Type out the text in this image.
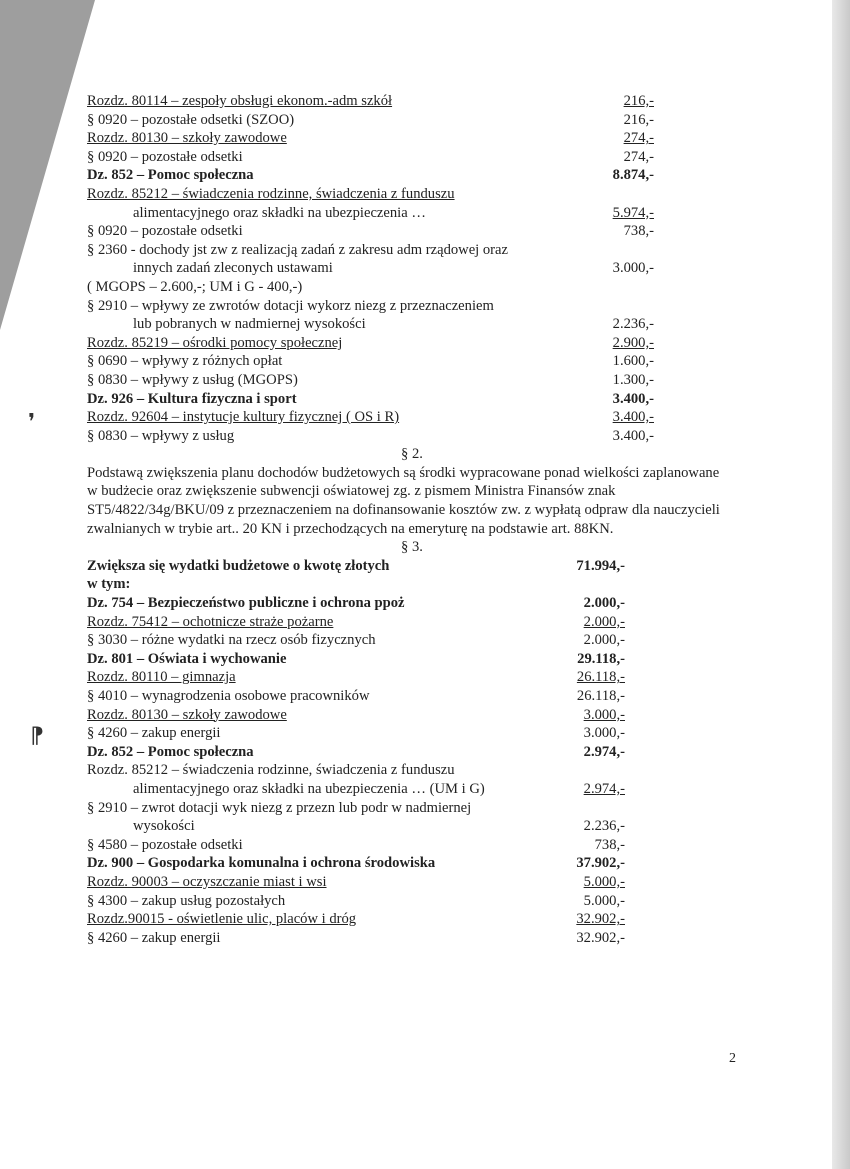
❜
⁋
Rozdz. 80114 – zespoły obsługi ekonom.-adm szkół	216,-
§ 0920 – pozostałe odsetki (SZOO)	216,-
Rozdz. 80130 – szkoły zawodowe	274,-
§ 0920 – pozostałe odsetki	274,-
Dz. 852 – Pomoc społeczna	8.874,-
Rozdz. 85212 – świadczenia rodzinne, świadczenia z funduszu
alimentacyjnego oraz składki na ubezpieczenia …	5.974,-
§ 0920 – pozostałe odsetki	738,-
§ 2360 - dochody jst zw z realizacją zadań z zakresu adm rządowej oraz
innych zadań zleconych ustawami	3.000,-
( MGOPS – 2.600,-; UM i G - 400,-)
§ 2910 – wpływy ze zwrotów dotacji wykorz niezg z przeznaczeniem
lub pobranych w nadmiernej wysokości	2.236,-
Rozdz. 85219 – ośrodki pomocy społecznej	2.900,-
§ 0690 – wpływy z różnych opłat	1.600,-
§ 0830 – wpływy z usług (MGOPS)	1.300,-
Dz. 926 – Kultura fizyczna i sport	3.400,-
Rozdz. 92604 – instytucje kultury fizycznej ( OS i R)	3.400,-
§ 0830 – wpływy z usług	3.400,-
§ 2.

Podstawą zwiększenia planu dochodów budżetowych są środki wypracowane ponad wielkości zaplanowane w budżecie oraz zwiększenie subwencji oświatowej zg. z pismem Ministra Finansów znak ST5/4822/34g/BKU/09 z przeznaczeniem na dofinansowanie kosztów zw. z wypłatą odpraw dla nauczycieli zwalnianych w trybie art.. 20 KN i przechodzących na emeryturę na podstawie art. 88KN.

§ 3.
Zwiększa się wydatki budżetowe o kwotę złotych	71.994,-
w tym:
Dz. 754 – Bezpieczeństwo publiczne i ochrona ppoż	2.000,-
Rozdz. 75412 – ochotnicze straże pożarne	2.000,-
§ 3030 – różne wydatki na rzecz osób fizycznych	2.000,-
Dz. 801 – Oświata i wychowanie	29.118,-
Rozdz. 80110 – gimnazja	26.118,-
§ 4010 – wynagrodzenia osobowe pracowników	26.118,-
Rozdz. 80130 – szkoły zawodowe	3.000,-
§ 4260 – zakup energii	3.000,-
Dz. 852 – Pomoc społeczna	2.974,-
Rozdz. 85212 – świadczenia rodzinne, świadczenia z funduszu
alimentacyjnego oraz składki na ubezpieczenia … (UM i G)	2.974,-
§ 2910 – zwrot dotacji wyk niezg z przezn lub podr w nadmiernej
wysokości	2.236,-
§ 4580 – pozostałe odsetki	738,-
Dz. 900 – Gospodarka komunalna i ochrona środowiska	37.902,-
Rozdz. 90003 – oczyszczanie miast i wsi	5.000,-
§ 4300 – zakup usług pozostałych	5.000,-
Rozdz.90015 - oświetlenie ulic, placów i dróg	32.902,-
§ 4260 – zakup energii	32.902,-
2
